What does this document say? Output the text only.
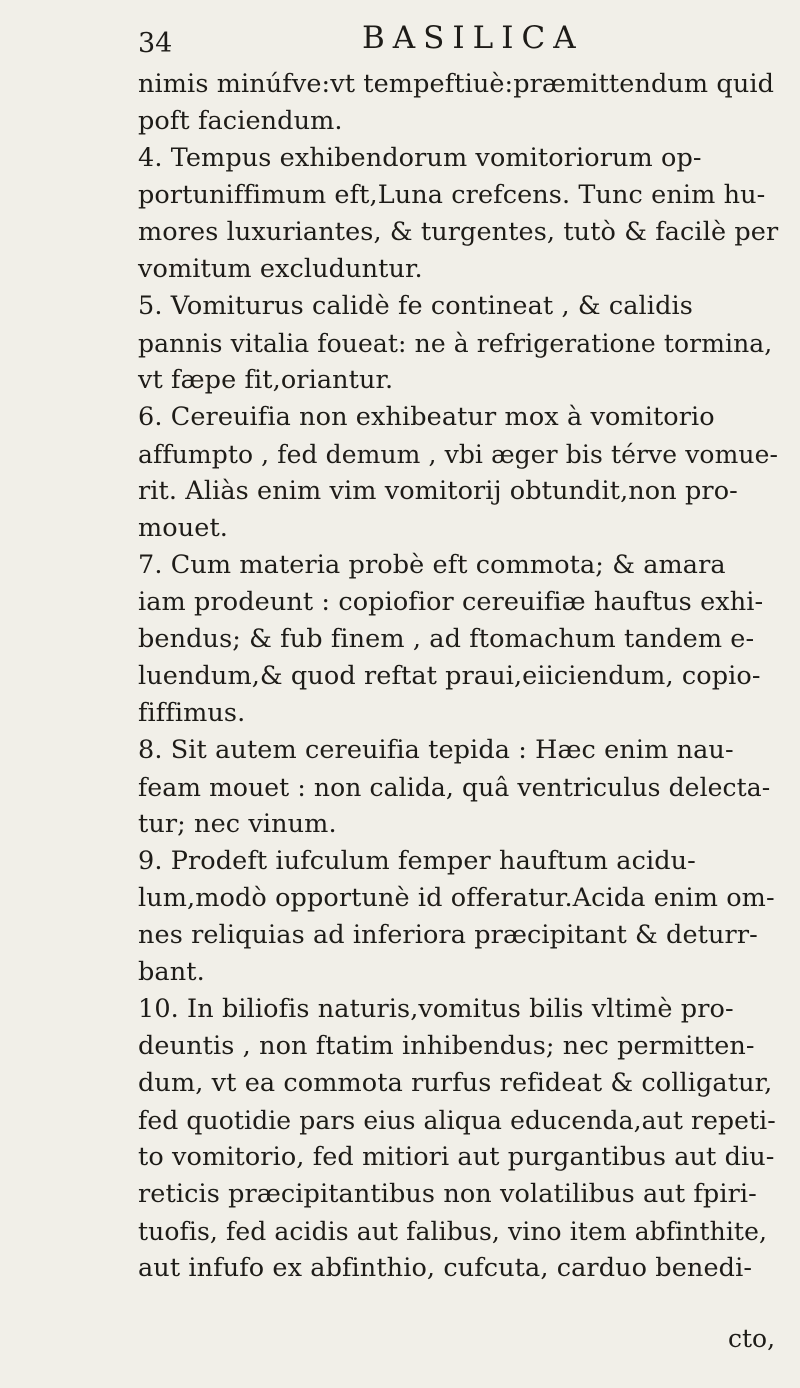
34	BASILICA
nimis minúfve:vt tempeftiuè:præmittendum quid
poft faciendum.
4. Tempus exhibendorum vomitoriorum op-
portuniffimum eft,Luna crefcens. Tunc enim hu-
mores luxuriantes, & turgentes, tutò & facilè per
vomitum excluduntur.
5. Vomiturus calidè fe contineat , & calidis
pannis vitalia foueat: ne à refrigeratione tormina,
vt fæpe fit,oriantur.
6. Cereuifia non exhibeatur mox à vomitorio
affumpto , fed demum , vbi æger bis térve vomue-
rit. Aliàs enim vim vomitorij obtundit,non pro-
mouet.
7. Cum materia probè eft commota; & amara
iam prodeunt : copiofior cereuifiæ hauftus exhi-
bendus; & fub finem , ad ftomachum tandem e-
luendum,& quod reftat praui,eiiciendum, copio-
fiffimus.
8. Sit autem cereuifia tepida : Hæc enim nau-
feam mouet : non calida, quâ ventriculus delecta-
tur; nec vinum.
9. Prodeft iufculum femper hauftum acidu-
lum,modò opportunè id offeratur.Acida enim om-
nes reliquias ad inferiora præcipitant & deturr-
bant.
10. In biliofis naturis,vomitus bilis vltimè pro-
deuntis , non ftatim inhibendus; nec permitten-
dum, vt ea commota rurfus refideat & colligatur,
fed quotidie pars eius aliqua educenda,aut repeti-
to vomitorio, fed mitiori aut purgantibus aut diu-
reticis præcipitantibus non volatilibus aut fpiri-
tuofis, fed acidis aut falibus, vino item abfinthite,
aut infufo ex abfinthio, cufcuta, carduo benedi-
cto,
